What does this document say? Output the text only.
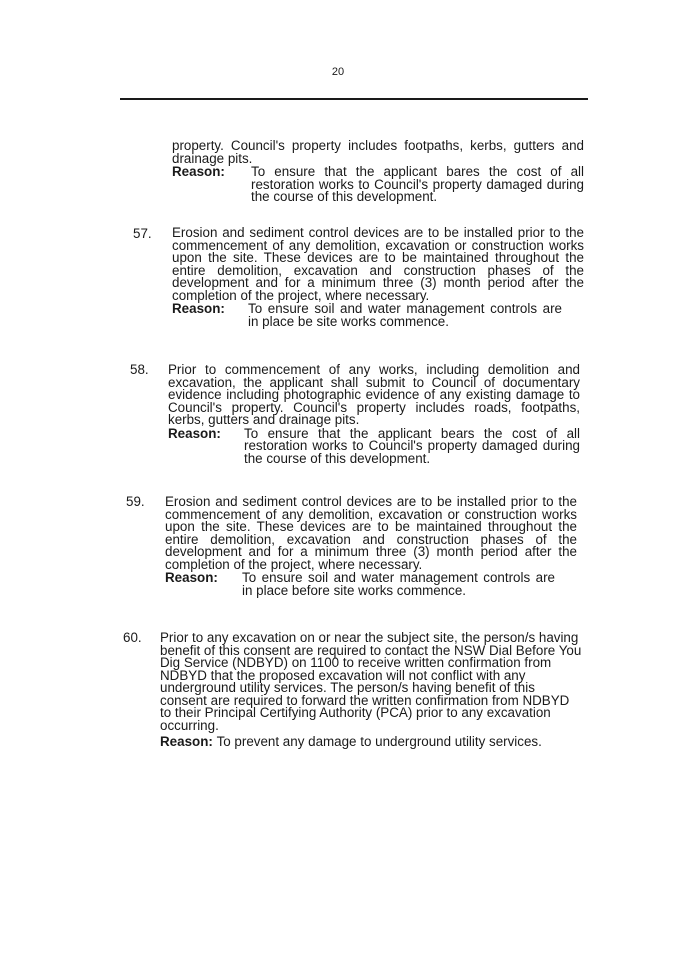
20
property. Council's property includes footpaths, kerbs, gutters and drainage pits.
Reason: To ensure that the applicant bares the cost of all restoration works to Council's property damaged during the course of this development.
57. Erosion and sediment control devices are to be installed prior to the commencement of any demolition, excavation or construction works upon the site. These devices are to be maintained throughout the entire demolition, excavation and construction phases of the development and for a minimum three (3) month period after the completion of the project, where necessary.
Reason: To ensure soil and water management controls are in place be site works commence.
58. Prior to commencement of any works, including demolition and excavation, the applicant shall submit to Council of documentary evidence including photographic evidence of any existing damage to Council's property. Council's property includes roads, footpaths, kerbs, gutters and drainage pits.
Reason: To ensure that the applicant bears the cost of all restoration works to Council's property damaged during the course of this development.
59. Erosion and sediment control devices are to be installed prior to the commencement of any demolition, excavation or construction works upon the site. These devices are to be maintained throughout the entire demolition, excavation and construction phases of the development and for a minimum three (3) month period after the completion of the project, where necessary.
Reason: To ensure soil and water management controls are in place before site works commence.
60. Prior to any excavation on or near the subject site, the person/s having benefit of this consent are required to contact the NSW Dial Before You Dig Service (NDBYD) on 1100 to receive written confirmation from NDBYD that the proposed excavation will not conflict with any underground utility services. The person/s having benefit of this consent are required to forward the written confirmation from NDBYD to their Principal Certifying Authority (PCA) prior to any excavation occurring.
Reason: To prevent any damage to underground utility services.
